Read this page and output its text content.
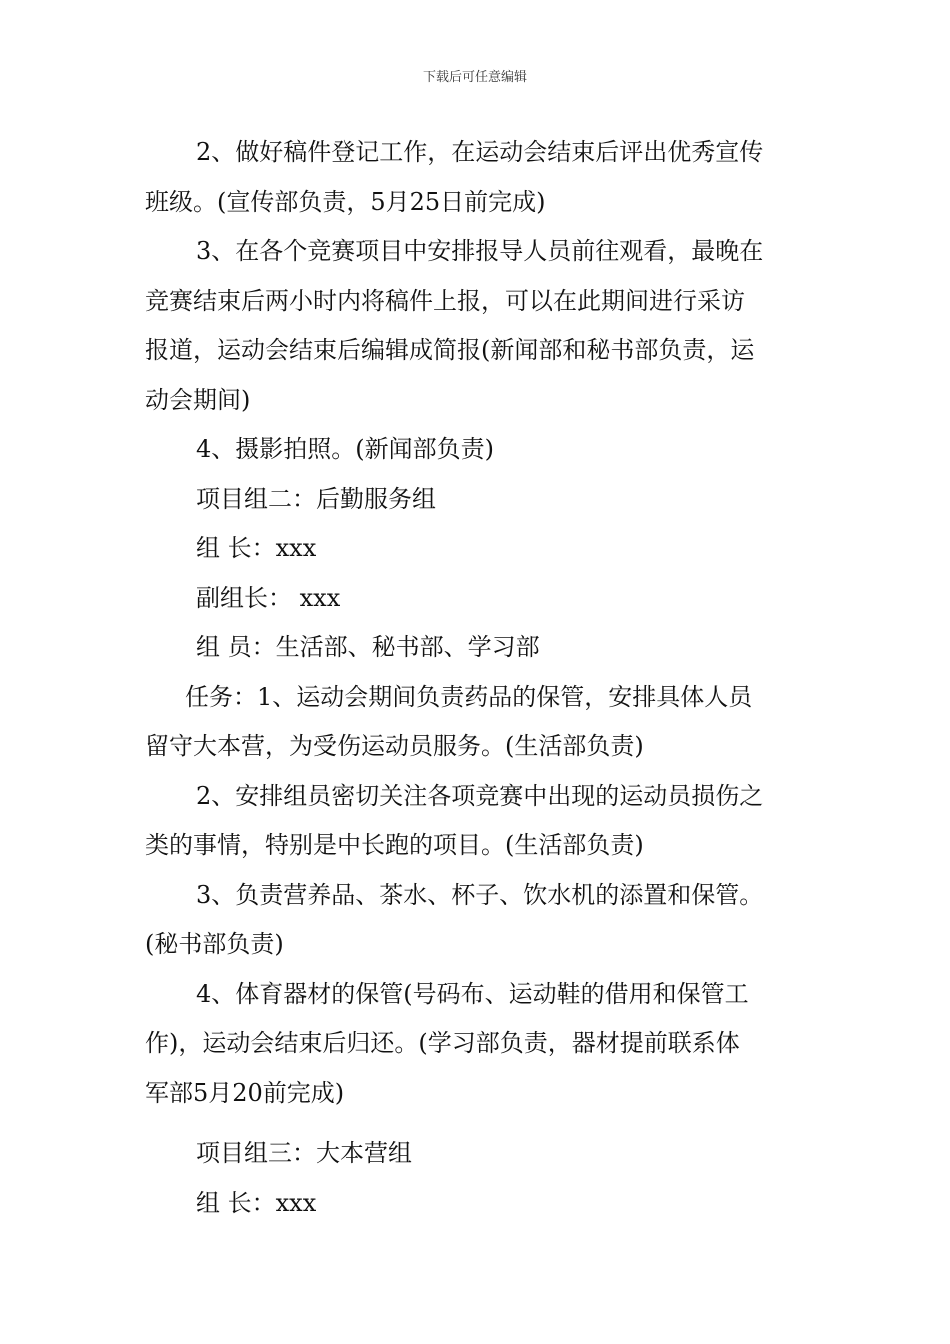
下载后可任意编辑
2、做好稿件登记工作，在运动会结束后评出优秀宣传
班级。(宣传部负责，5月25日前完成)
3、在各个竞赛项目中安排报导人员前往观看，最晚在
竞赛结束后两小时内将稿件上报，可以在此期间进行采访
报道，运动会结束后编辑成简报(新闻部和秘书部负责，运
动会期间)
4、摄影拍照。(新闻部负责)
项目组二：后勤服务组
组 长：xxx
副组长： xxx
组 员：生活部、秘书部、学习部
任务：1、运动会期间负责药品的保管，安排具体人员
留守大本营，为受伤运动员服务。(生活部负责)
2、安排组员密切关注各项竞赛中出现的运动员损伤之
类的事情，特别是中长跑的项目。(生活部负责)
3、负责营养品、茶水、杯子、饮水机的添置和保管。
(秘书部负责)
4、体育器材的保管(号码布、运动鞋的借用和保管工
作)，运动会结束后归还。(学习部负责，器材提前联系体
军部5月20前完成)
项目组三：大本营组
组 长：xxx
